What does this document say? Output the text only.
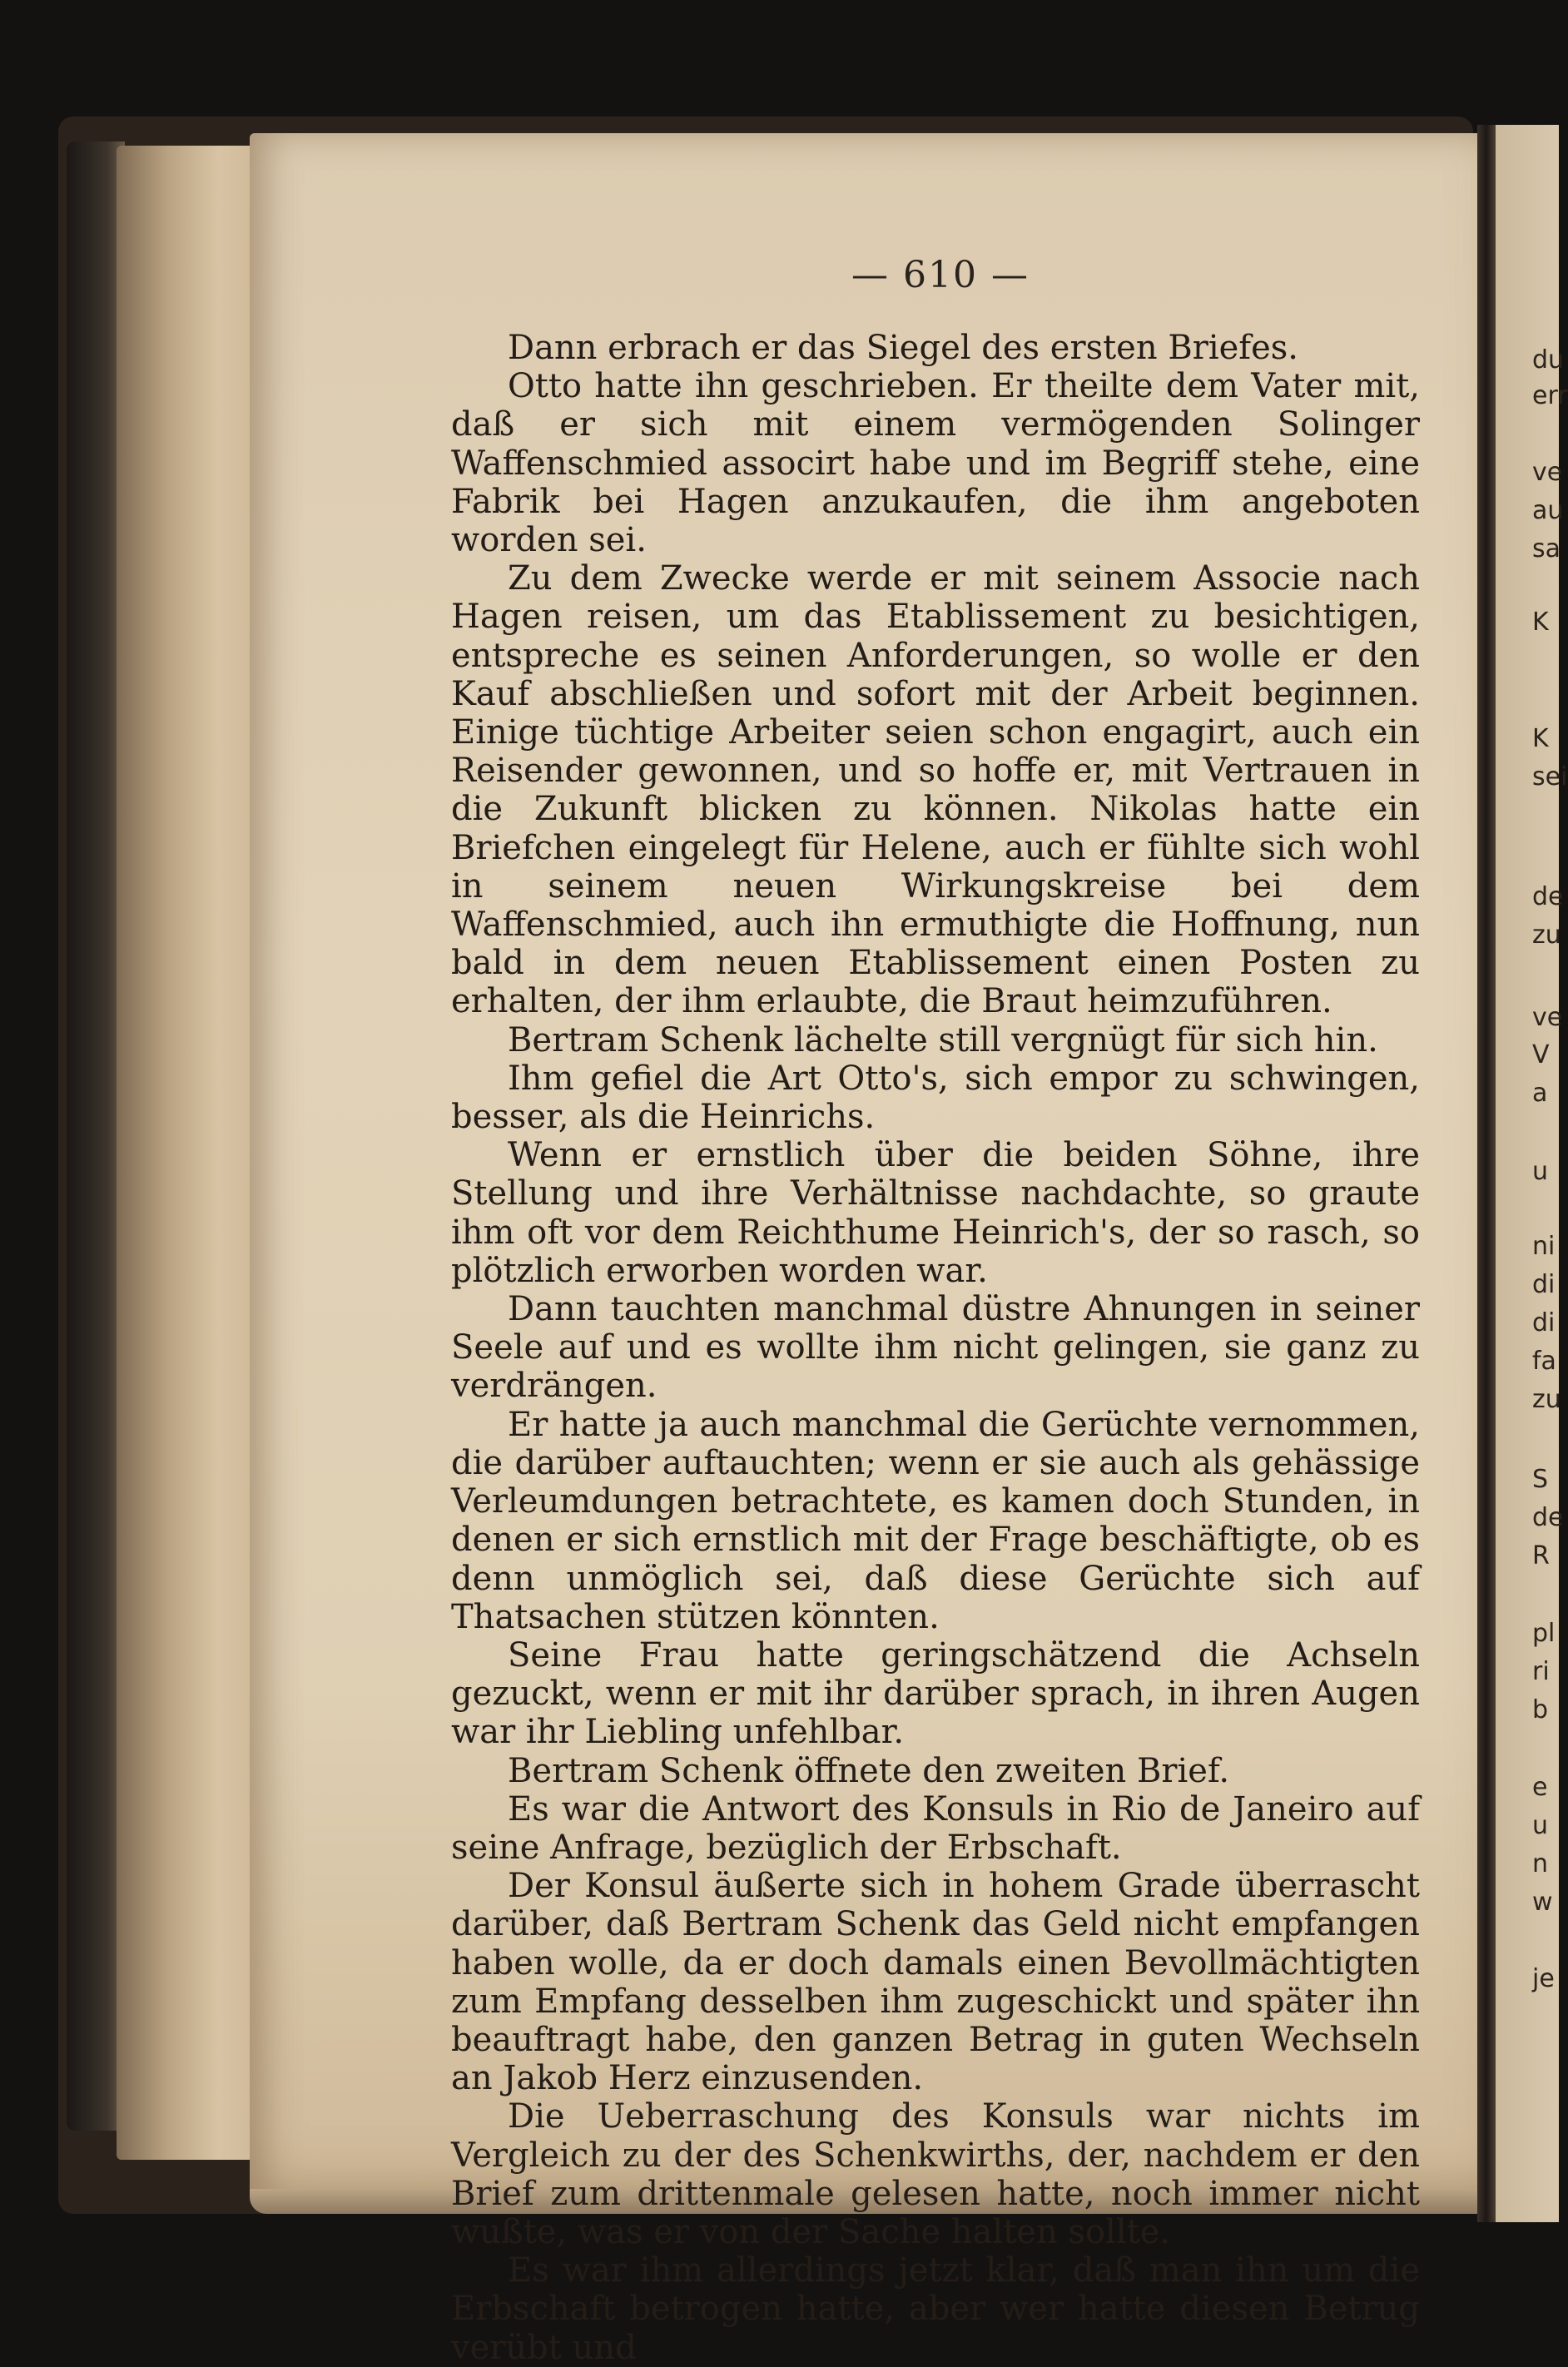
— 610 —

Dann erbrach er das Siegel des ersten Briefes.

Otto hatte ihn geschrieben. Er theilte dem Vater mit, daß er sich mit einem vermögenden Solinger Waffenschmied associrt habe und im Begriff stehe, eine Fabrik bei Hagen anzukaufen, die ihm angeboten worden sei.

Zu dem Zwecke werde er mit seinem Associe nach Hagen reisen, um das Etablissement zu besichtigen, entspreche es seinen Anforderungen, so wolle er den Kauf abschließen und sofort mit der Arbeit beginnen. Einige tüchtige Arbeiter seien schon engagirt, auch ein Reisender gewonnen, und so hoffe er, mit Vertrauen in die Zukunft blicken zu können. Nikolas hatte ein Briefchen eingelegt für Helene, auch er fühlte sich wohl in seinem neuen Wirkungskreise bei dem Waffenschmied, auch ihn ermuthigte die Hoffnung, nun bald in dem neuen Etablissement einen Posten zu erhalten, der ihm erlaubte, die Braut heimzuführen.

Bertram Schenk lächelte still vergnügt für sich hin.

Ihm gefiel die Art Otto's, sich empor zu schwingen, besser, als die Heinrichs.

Wenn er ernstlich über die beiden Söhne, ihre Stellung und ihre Verhältnisse nachdachte, so graute ihm oft vor dem Reichthume Heinrich's, der so rasch, so plötzlich erworben worden war.

Dann tauchten manchmal düstre Ahnungen in seiner Seele auf und es wollte ihm nicht gelingen, sie ganz zu verdrängen.

Er hatte ja auch manchmal die Gerüchte vernommen, die darüber auftauchten; wenn er sie auch als gehässige Verleumdungen betrachtete, es kamen doch Stunden, in denen er sich ernstlich mit der Frage beschäftigte, ob es denn unmöglich sei, daß diese Gerüchte sich auf Thatsachen stützen könnten.

Seine Frau hatte geringschätzend die Achseln gezuckt, wenn er mit ihr darüber sprach, in ihren Augen war ihr Liebling unfehlbar.

Bertram Schenk öffnete den zweiten Brief.

Es war die Antwort des Konsuls in Rio de Janeiro auf seine Anfrage, bezüglich der Erbschaft.

Der Konsul äußerte sich in hohem Grade überrascht darüber, daß Bertram Schenk das Geld nicht empfangen haben wolle, da er doch damals einen Bevollmächtigten zum Empfang desselben ihm zugeschickt und später ihn beauftragt habe, den ganzen Betrag in guten Wechseln an Jakob Herz einzusenden.

Die Ueberraschung des Konsuls war nichts im Vergleich zu der des Schenkwirths, der, nachdem er den Brief zum drittenmale gelesen hatte, noch immer nicht wußte, was er von der Sache halten sollte.

Es war ihm allerdings jetzt klar, daß man ihn um die Erbschaft betrogen hatte, aber wer hatte diesen Betrug verübt und

du
err
ve
au
sa
K
K
sei
de
zu
ve
V
a
u
ni
di
di
fa
zu
S
de
R
pl
ri
b
e
u
n
w
je
